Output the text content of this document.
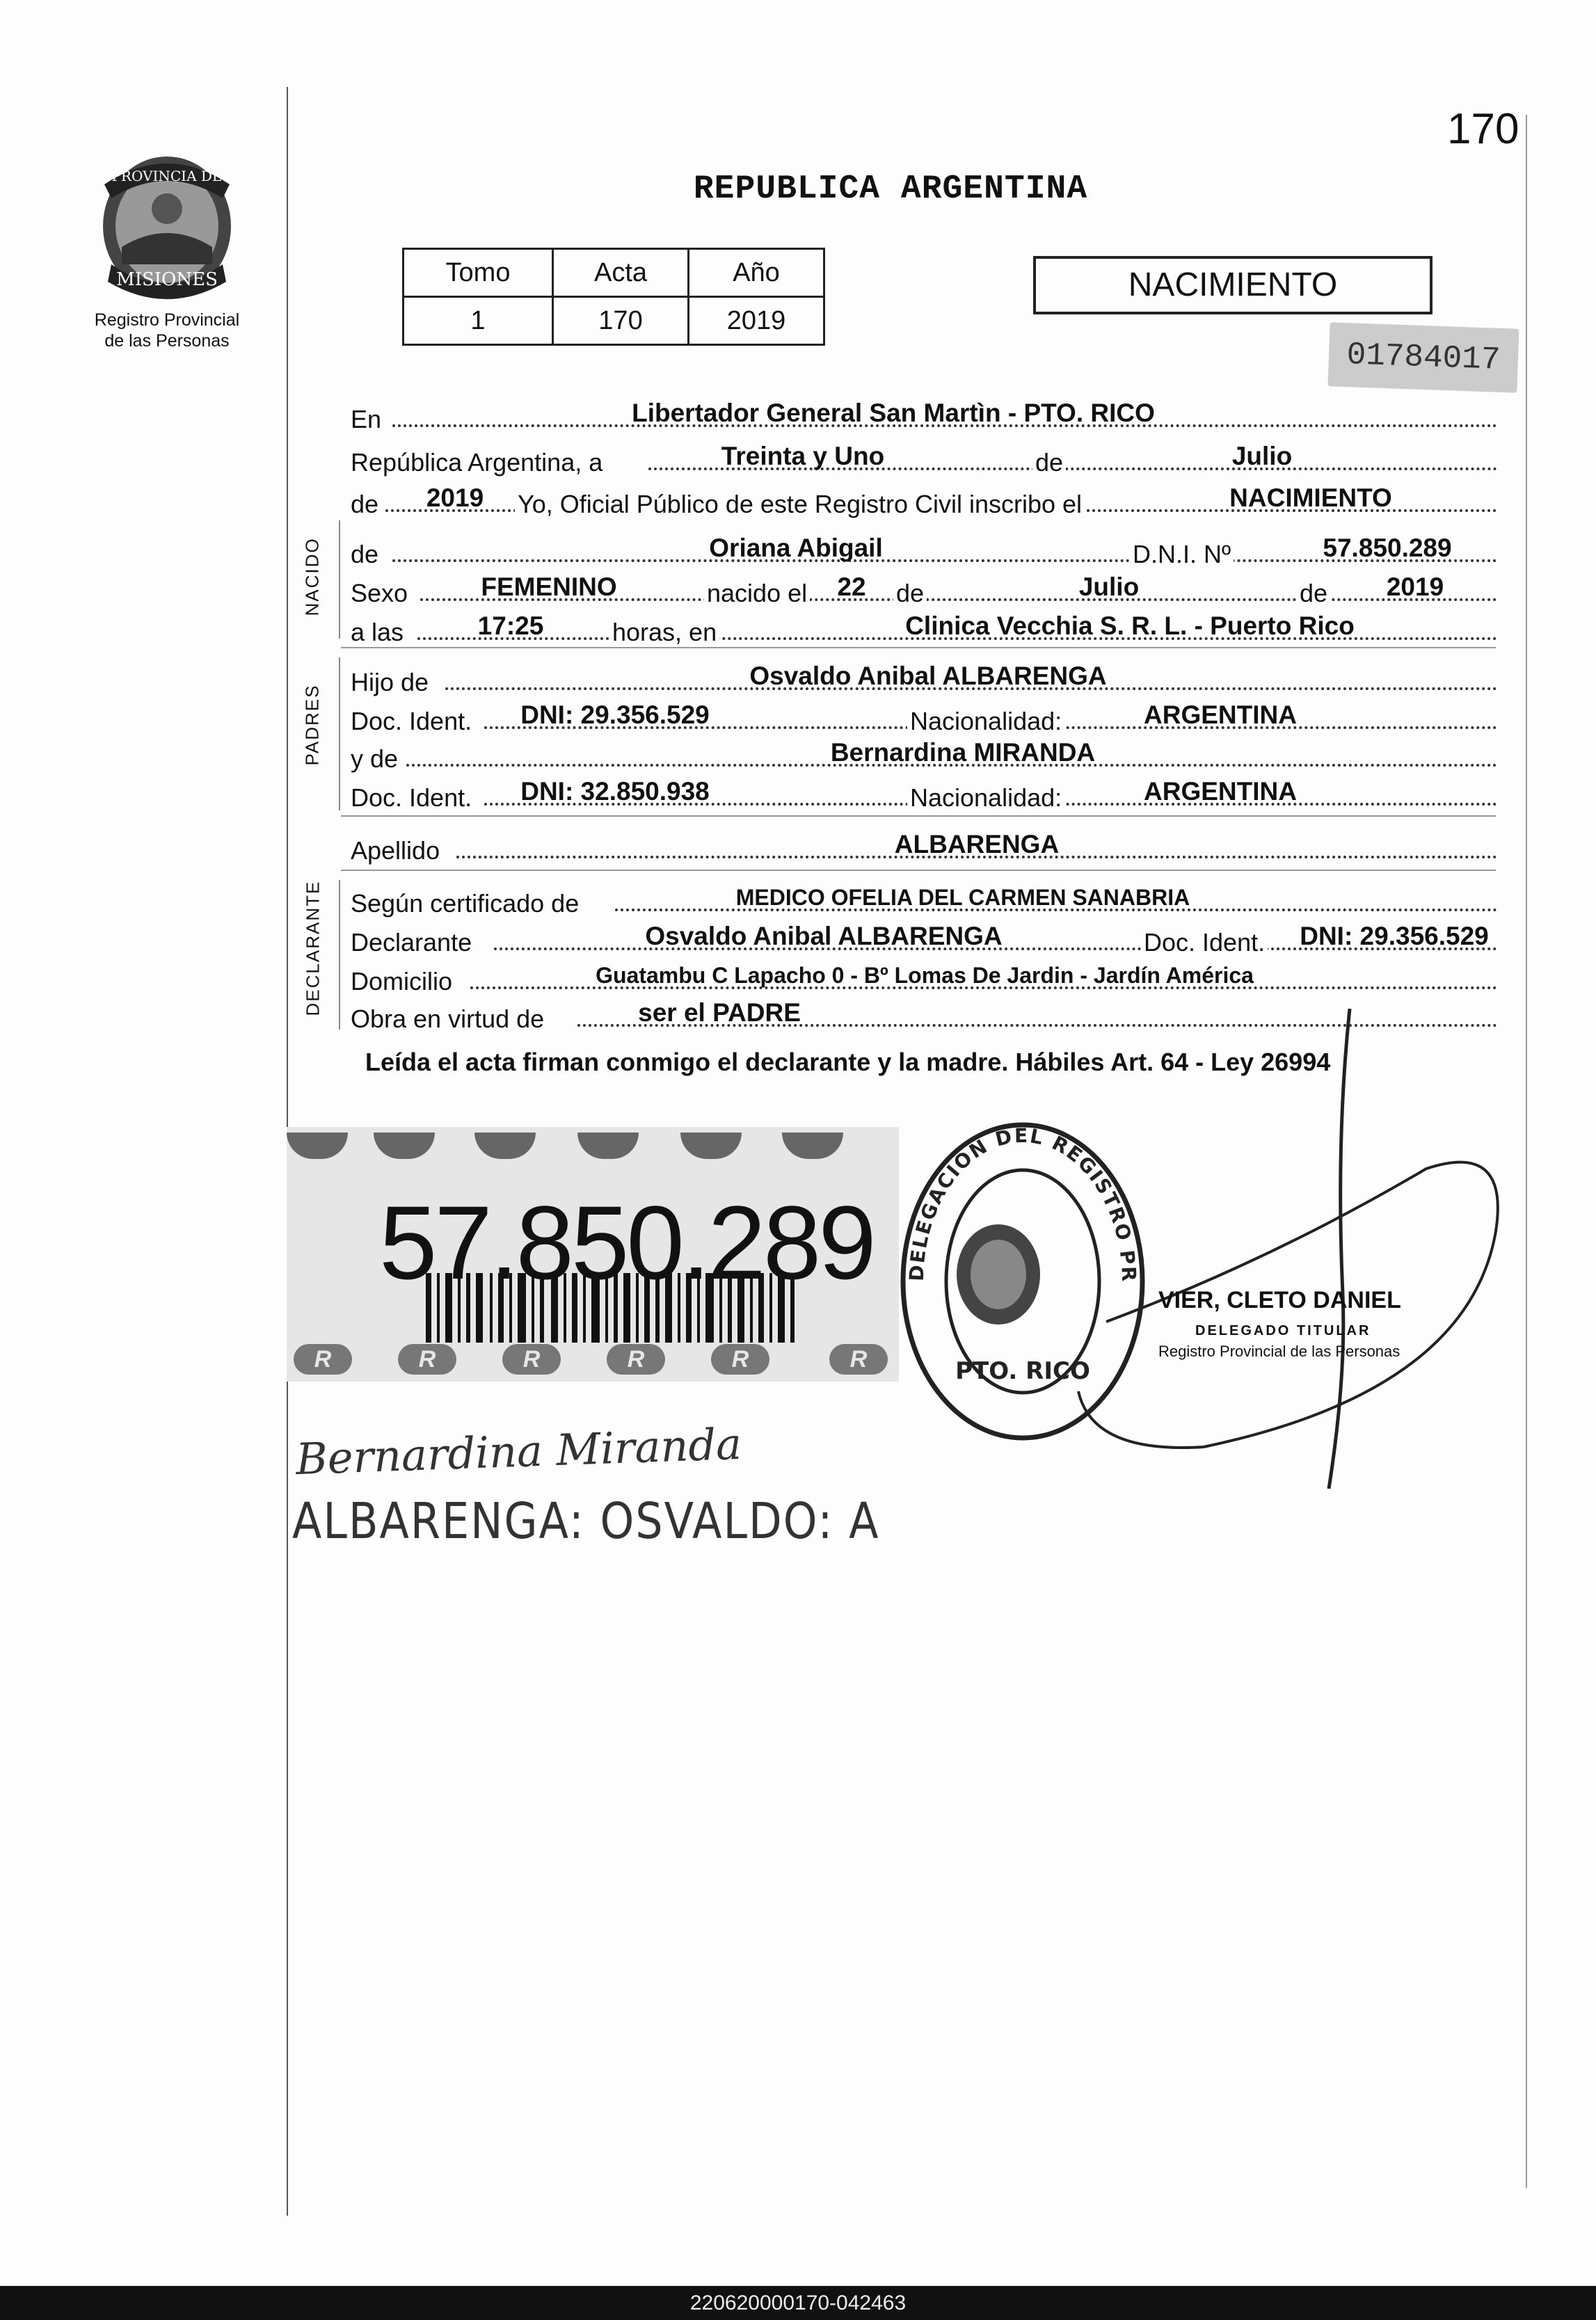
170
PROVINCIA DE
MISIONES
Registro Provincial
de las Personas
REPUBLICA ARGENTINA
Tomo	Acta	Año
1	170	2019
NACIMIENTO
01784017
En	Libertador General San Martìn - PTO. RICO
República Argentina, a	Treinta y Uno	de	Julio
de	2019	Yo, Oficial Público de este Registro Civil inscribo el	NACIMIENTO
NACIDO de	Oriana Abigail	D.N.I. Nº	57.850.289
Sexo	FEMENINO	nacido el	22	de	Julio	de	2019
a las	17:25	horas, en	Clinica Vecchia S. R. L. - Puerto Rico
PADRES
Hijo de	Osvaldo Anibal ALBARENGA
Doc. Ident.	DNI: 29.356.529	Nacionalidad:	ARGENTINA
y de	Bernardina MIRANDA
Doc. Ident.	DNI: 32.850.938	Nacionalidad:	ARGENTINA
Apellido	ALBARENGA
DECLARANTE Según certificado de	MEDICO OFELIA DEL CARMEN SANABRIA
Declarante	Osvaldo Anibal ALBARENGA	Doc. Ident.	DNI: 29.356.529
Domicilio	Guatambu C Lapacho 0 - Bº Lomas De Jardin - Jardín América
Obra en virtud de	ser el PADRE
Leída el acta firman conmigo el declarante y la madre. Hábiles Art. 64 - Ley 26994
R	R	R	R	R	R
57.850.289	DELEGACION DEL REGISTRO PR
PTO. RICO
VIER, CLETO DANIEL
DELEGADO TITULAR
Registro Provincial de las Personas
Bernardina Miranda
ALBARENGA: OSVALDO: A
220620000170-042463
